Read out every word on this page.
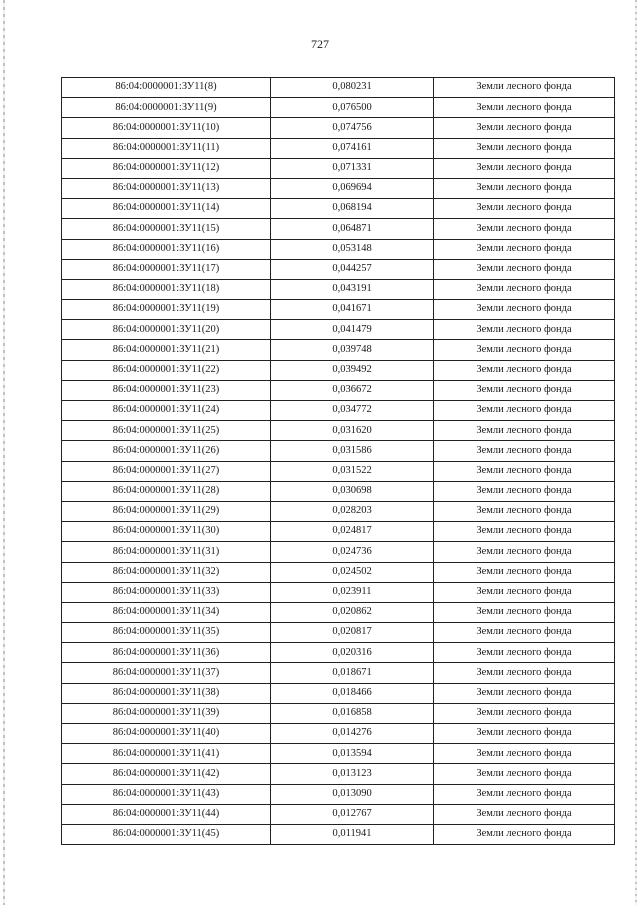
727
86:04:0000001:ЗУ11(8)	0,080231	Земли лесного фонда
86:04:0000001:ЗУ11(9)	0,076500	Земли лесного фонда
86:04:0000001:ЗУ11(10)	0,074756	Земли лесного фонда
86:04:0000001:ЗУ11(11)	0,074161	Земли лесного фонда
86:04:0000001:ЗУ11(12)	0,071331	Земли лесного фонда
86:04:0000001:ЗУ11(13)	0,069694	Земли лесного фонда
86:04:0000001:ЗУ11(14)	0,068194	Земли лесного фонда
86:04:0000001:ЗУ11(15)	0,064871	Земли лесного фонда
86:04:0000001:ЗУ11(16)	0,053148	Земли лесного фонда
86:04:0000001:ЗУ11(17)	0,044257	Земли лесного фонда
86:04:0000001:ЗУ11(18)	0,043191	Земли лесного фонда
86:04:0000001:ЗУ11(19)	0,041671	Земли лесного фонда
86:04:0000001:ЗУ11(20)	0,041479	Земли лесного фонда
86:04:0000001:ЗУ11(21)	0,039748	Земли лесного фонда
86:04:0000001:ЗУ11(22)	0,039492	Земли лесного фонда
86:04:0000001:ЗУ11(23)	0,036672	Земли лесного фонда
86:04:0000001:ЗУ11(24)	0,034772	Земли лесного фонда
86:04:0000001:ЗУ11(25)	0,031620	Земли лесного фонда
86:04:0000001:ЗУ11(26)	0,031586	Земли лесного фонда
86:04:0000001:ЗУ11(27)	0,031522	Земли лесного фонда
86:04:0000001:ЗУ11(28)	0,030698	Земли лесного фонда
86:04:0000001:ЗУ11(29)	0,028203	Земли лесного фонда
86:04:0000001:ЗУ11(30)	0,024817	Земли лесного фонда
86:04:0000001:ЗУ11(31)	0,024736	Земли лесного фонда
86:04:0000001:ЗУ11(32)	0,024502	Земли лесного фонда
86:04:0000001:ЗУ11(33)	0,023911	Земли лесного фонда
86:04:0000001:ЗУ11(34)	0,020862	Земли лесного фонда
86:04:0000001:ЗУ11(35)	0,020817	Земли лесного фонда
86:04:0000001:ЗУ11(36)	0,020316	Земли лесного фонда
86:04:0000001:ЗУ11(37)	0,018671	Земли лесного фонда
86:04:0000001:ЗУ11(38)	0,018466	Земли лесного фонда
86:04:0000001:ЗУ11(39)	0,016858	Земли лесного фонда
86:04:0000001:ЗУ11(40)	0,014276	Земли лесного фонда
86:04:0000001:ЗУ11(41)	0,013594	Земли лесного фонда
86:04:0000001:ЗУ11(42)	0,013123	Земли лесного фонда
86:04:0000001:ЗУ11(43)	0,013090	Земли лесного фонда
86:04:0000001:ЗУ11(44)	0,012767	Земли лесного фонда
86:04:0000001:ЗУ11(45)	0,011941	Земли лесного фонда
